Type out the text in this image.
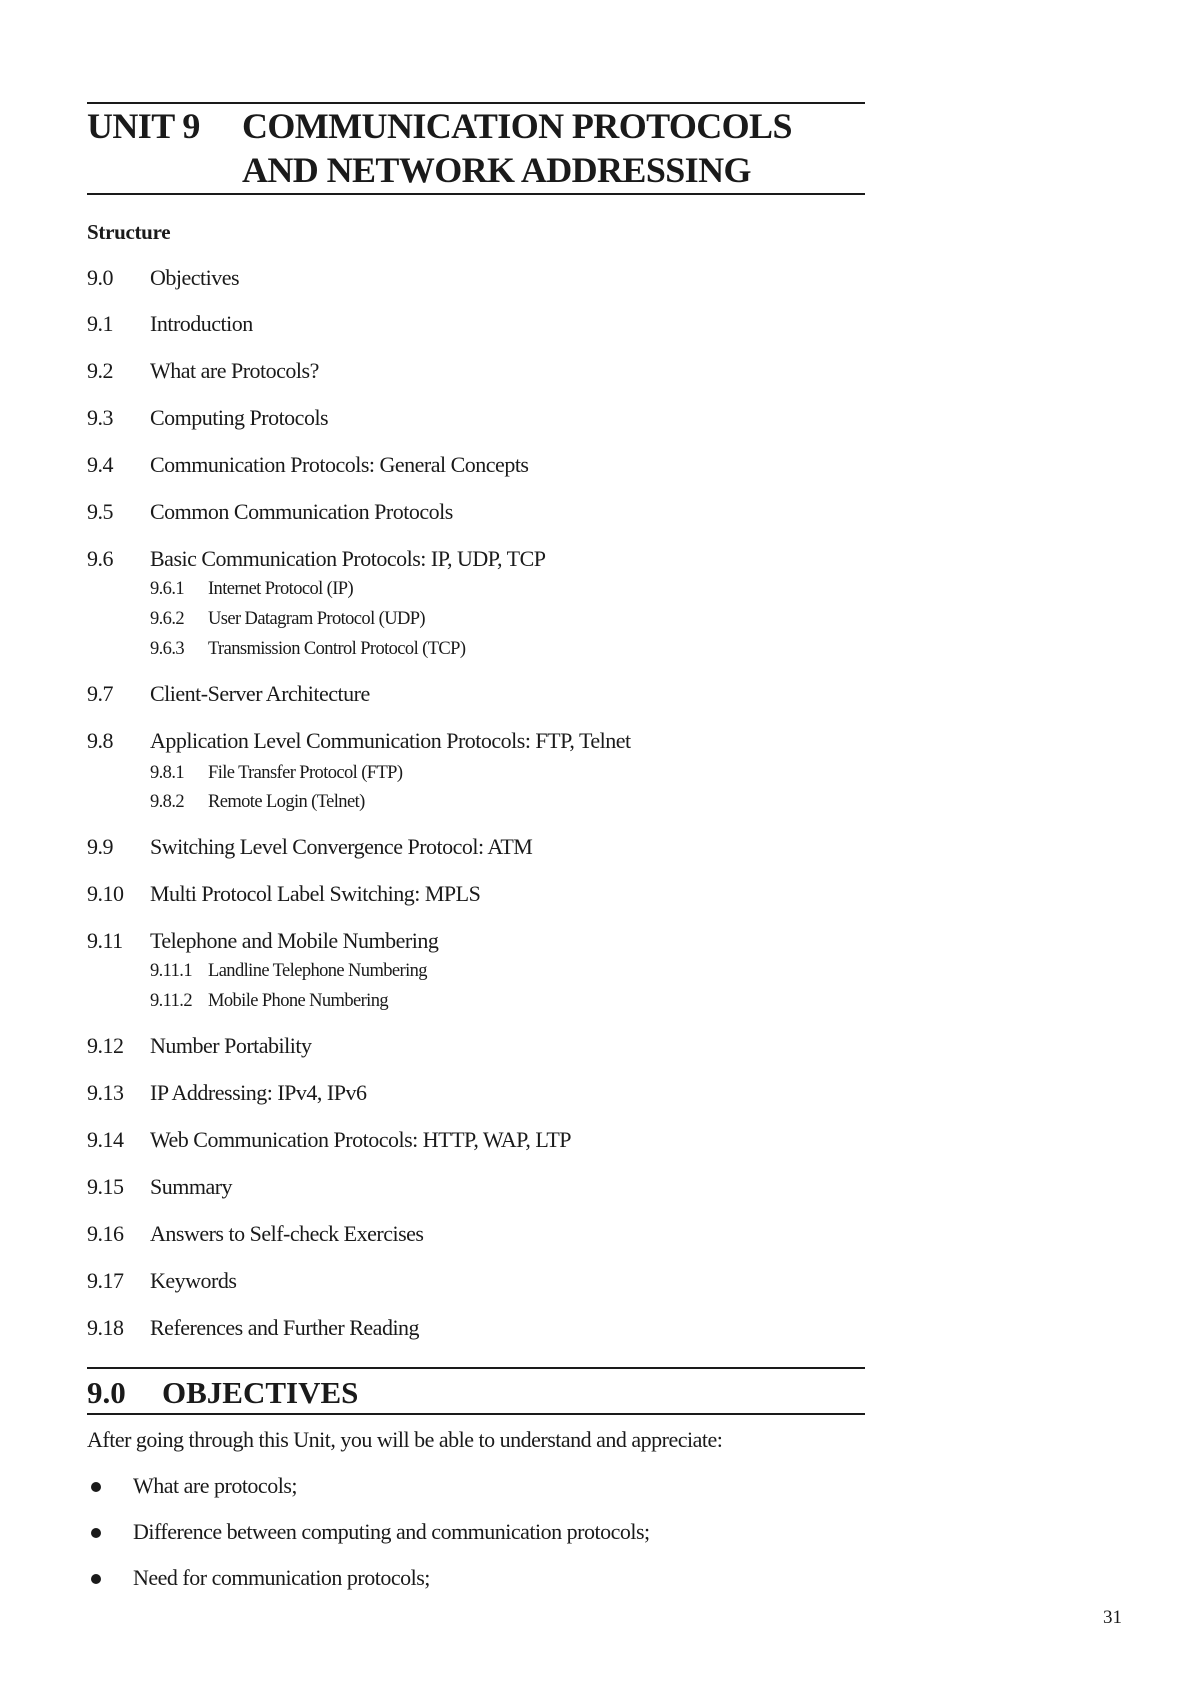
UNIT 9 COMMUNICATION PROTOCOLS
AND NETWORK ADDRESSING
Structure
9.0 Objectives
9.1 Introduction
9.2 What are Protocols?
9.3 Computing Protocols
9.4 Communication Protocols: General Concepts
9.5 Common Communication Protocols
9.6 Basic Communication Protocols: IP, UDP, TCP
9.6.1 Internet Protocol (IP)
9.6.2 User Datagram Protocol (UDP)
9.6.3 Transmission Control Protocol (TCP)
9.7 Client-Server Architecture
9.8 Application Level Communication Protocols: FTP, Telnet
9.8.1 File Transfer Protocol (FTP)
9.8.2 Remote Login (Telnet)
9.9 Switching Level Convergence Protocol: ATM
9.10 Multi Protocol Label Switching: MPLS
9.11 Telephone and Mobile Numbering
9.11.1 Landline Telephone Numbering
9.11.2 Mobile Phone Numbering
9.12 Number Portability
9.13 IP Addressing: IPv4, IPv6
9.14 Web Communication Protocols: HTTP, WAP, LTP
9.15 Summary
9.16 Answers to Self-check Exercises
9.17 Keywords
9.18 References and Further Reading
9.0 OBJECTIVES
After going through this Unit, you will be able to understand and appreciate:
What are protocols;
Difference between computing and communication protocols;
Need for communication protocols;
31
